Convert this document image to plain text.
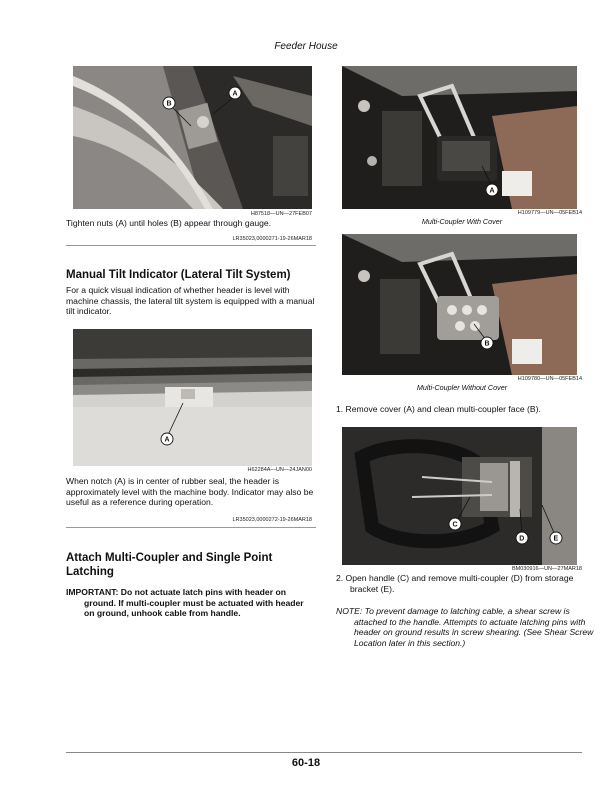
Feeder House
A
B
H87518—UN—27FEB07
Tighten nuts (A) until holes (B) appear through gauge.
LR35023,0000271-19-26MAR18
Manual Tilt Indicator (Lateral Tilt System)
For a quick visual indication of whether header is level with machine chassis, the lateral tilt system is equipped with a manual tilt indicator.
A
H62284A—UN—24JAN00
When notch (A) is in center of rubber seal, the header is approximately level with the machine body. Indicator may also be useful as a reference during operation.
LR35023,0000272-19-26MAR18
Attach Multi-Coupler and Single Point
Latching
IMPORTANT: Do not actuate latch pins with header on ground. If multi-coupler must be actuated with header on ground, unhook cable from handle.
A
H109779—UN—05FEB14
Multi-Coupler With Cover
B
H109780—UN—05FEB14
Multi-Coupler Without Cover
1. Remove cover (A) and clean multi-coupler face (B).
C
D	E
BM030916—UN—27MAR18
2. Open handle (C) and remove multi-coupler (D) from storage bracket (E).
NOTE: To prevent damage to latching cable, a shear screw is attached to the handle. Attempts to actuate latching pins with header on ground results in screw shearing. (See Shear Screw Location later in this section.)
60-18
